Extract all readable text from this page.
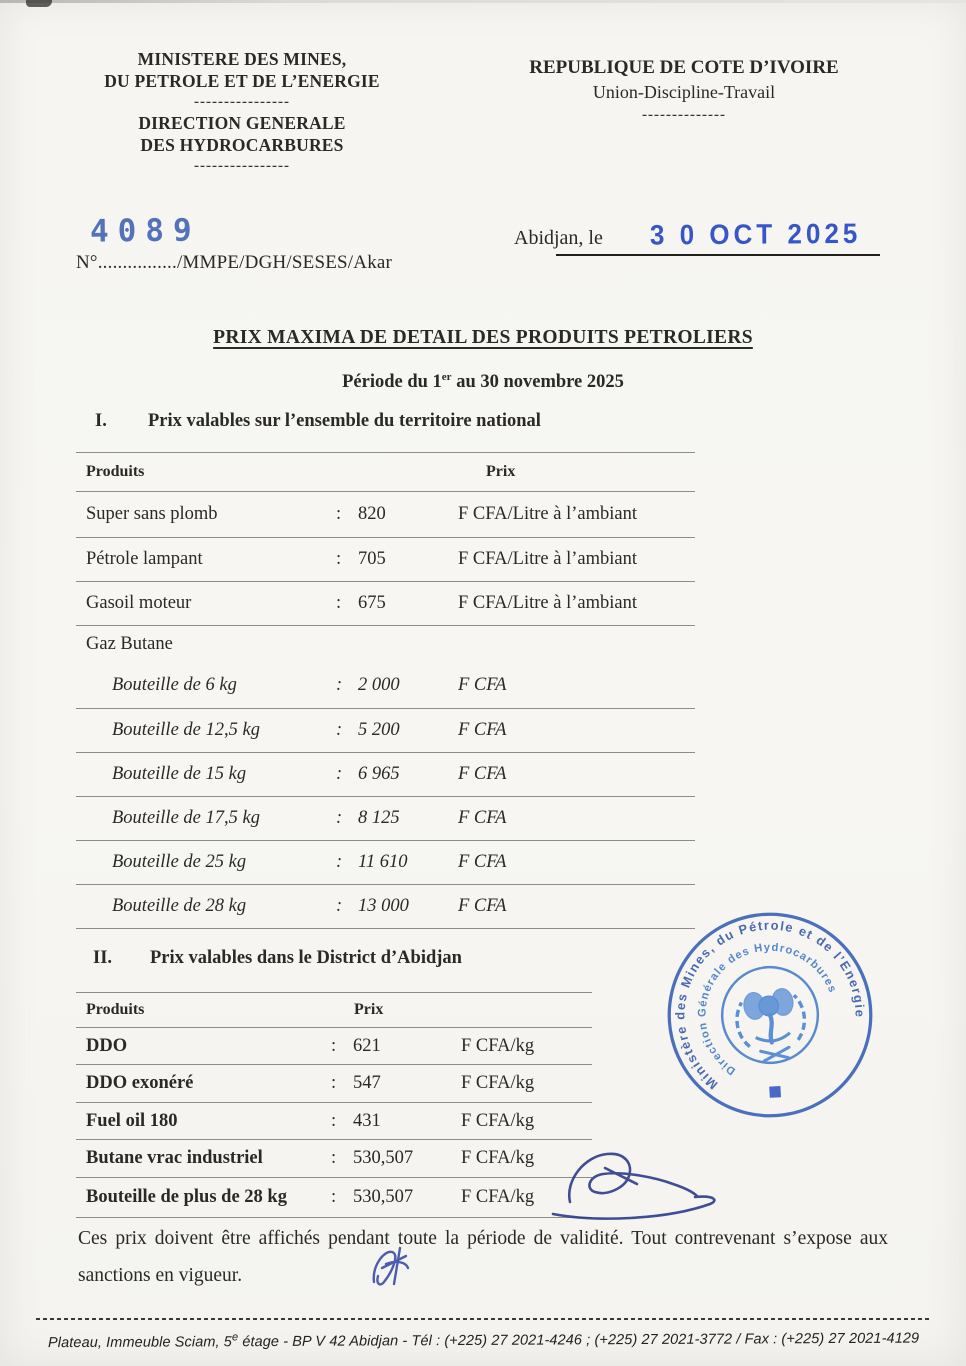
MINISTERE DES MINES,
DU PETROLE ET DE L’ENERGIE
----------------
DIRECTION GENERALE
DES HYDROCARBURES
----------------
REPUBLIQUE DE COTE D’IVOIRE
Union-Discipline-Travail
--------------
4089
N°................/MMPE/DGH/SESES/Akar
Abidjan, le 3 0 OCT 2025
PRIX MAXIMA DE DETAIL DES PRODUITS PETROLIERS
Période du 1er au 30 novembre 2025
I. Prix valables sur l’ensemble du territoire national
Produits	Prix
Super sans plomb	: 820	F CFA/Litre à l’ambiant
Pétrole lampant	: 705	F CFA/Litre à l’ambiant
Gasoil moteur	: 675	F CFA/Litre à l’ambiant
Gaz Butane
Bouteille de 6 kg	: 2 000	F CFA
Bouteille de 12,5 kg	: 5 200	F CFA
Bouteille de 15 kg	: 6 965	F CFA
Bouteille de 17,5 kg	: 8 125	F CFA
Bouteille de 25 kg	: 11 610	F CFA
Bouteille de 28 kg	: 13 000	F CFA
II. Prix valables dans le District d’Abidjan
Produits	Prix
DDO	: 621	F CFA/kg
DDO exonéré	: 547	F CFA/kg
Fuel oil 180	: 431	F CFA/kg
Butane vrac industriel	: 530,507	F CFA/kg
Bouteille de plus de 28 kg	: 530,507	F CFA/kg
Ministère des Mines, du Pétrole et de l’Energie
Direction Générale des Hydrocarbures
Ces prix doivent être affichés pendant toute la période de validité. Tout contrevenant s’expose aux sanctions en vigueur.
Plateau, Immeuble Sciam, 5e étage - BP V 42 Abidjan - Tél : (+225) 27 2021-4246 ; (+225) 27 2021-3772 / Fax : (+225) 27 2021-4129
